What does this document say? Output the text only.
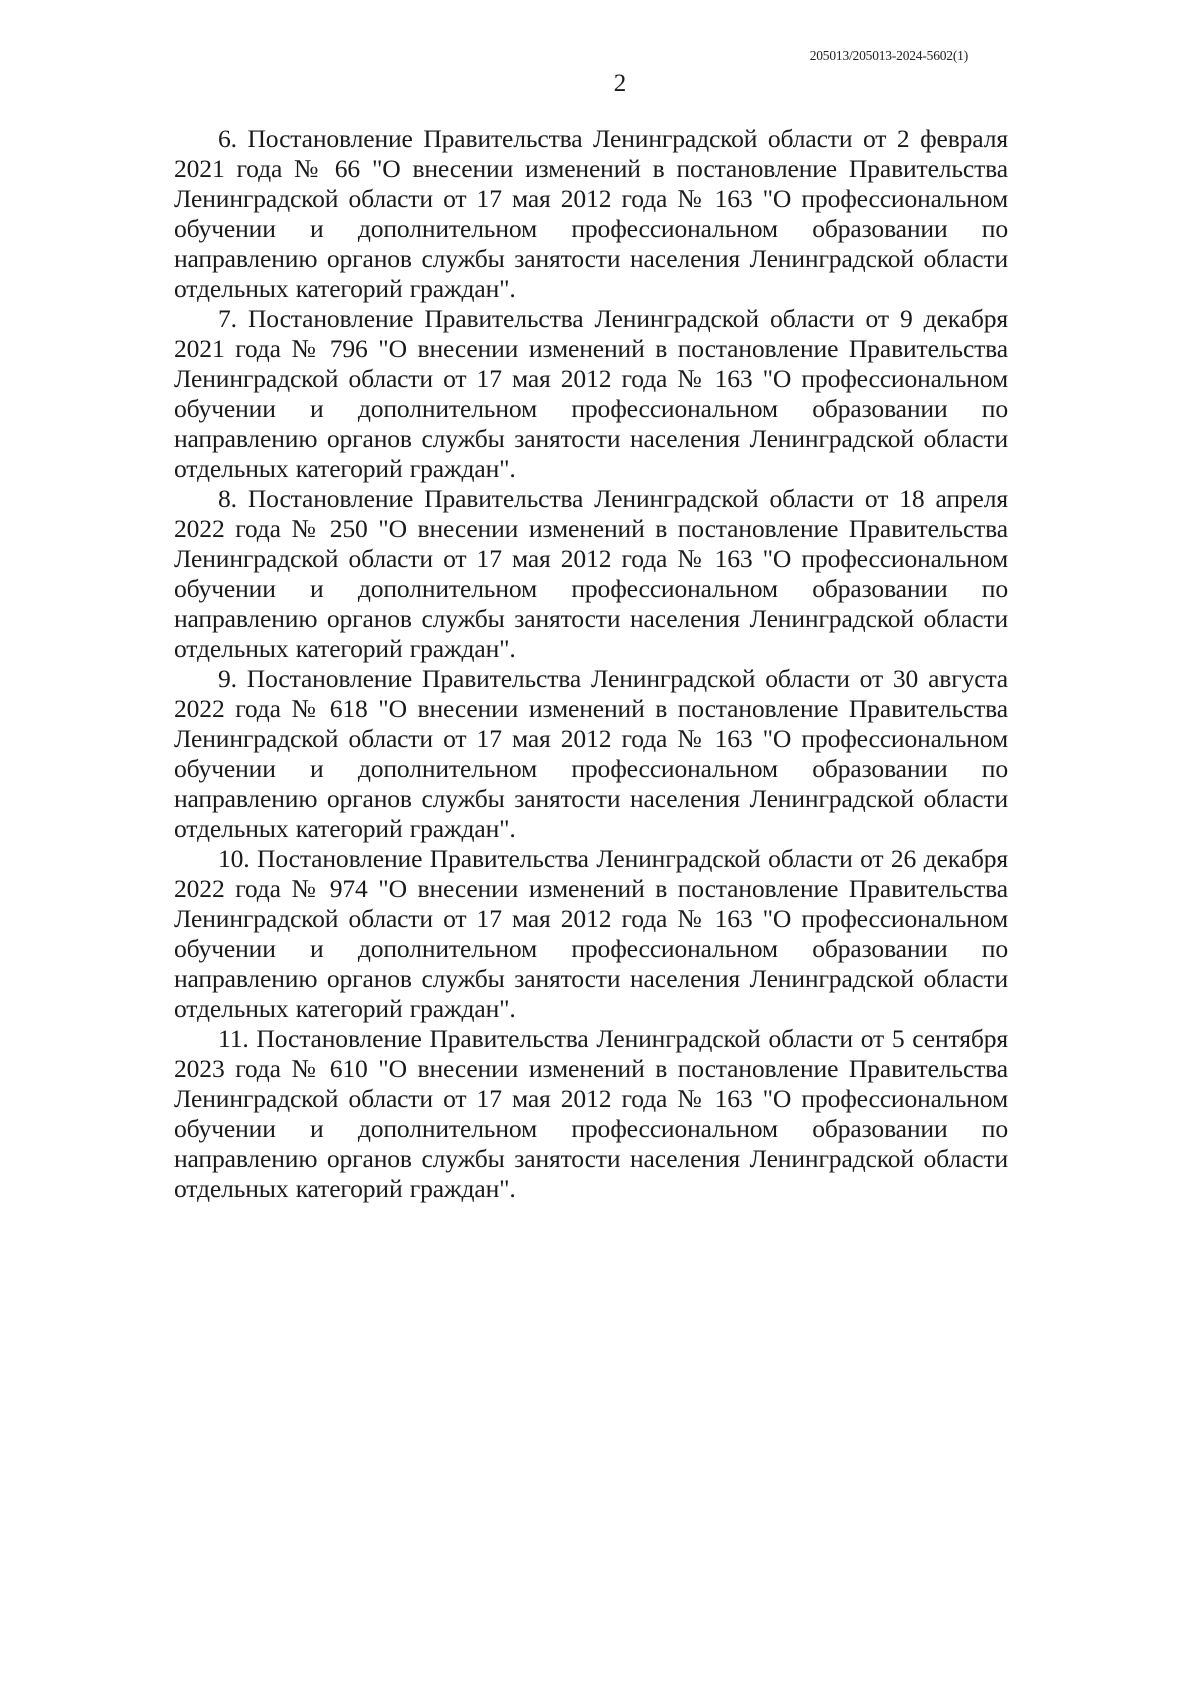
205013/205013-2024-5602(1)
2

6. Постановление Правительства Ленинградской области от 2 февраля 2021 года № 66 "О внесении изменений в постановление Правительства Ленинградской области от 17 мая 2012 года № 163 "О профессиональном обучении и дополнительном профессиональном образовании по направлению органов службы занятости населения Ленинградской области отдельных категорий граждан".

7. Постановление Правительства Ленинградской области от 9 декабря 2021 года № 796 "О внесении изменений в постановление Правительства Ленинградской области от 17 мая 2012 года № 163 "О профессиональном обучении и дополнительном профессиональном образовании по направлению органов службы занятости населения Ленинградской области отдельных категорий граждан".

8. Постановление Правительства Ленинградской области от 18 апреля 2022 года № 250 "О внесении изменений в постановление Правительства Ленинградской области от 17 мая 2012 года № 163 "О профессиональном обучении и дополнительном профессиональном образовании по направлению органов службы занятости населения Ленинградской области отдельных категорий граждан".

9. Постановление Правительства Ленинградской области от 30 августа 2022 года № 618 "О внесении изменений в постановление Правительства Ленинградской области от 17 мая 2012 года № 163 "О профессиональном обучении и дополнительном профессиональном образовании по направлению органов службы занятости населения Ленинградской области отдельных категорий граждан".

10. Постановление Правительства Ленинградской области от 26 декабря 2022 года № 974 "О внесении изменений в постановление Правительства Ленинградской области от 17 мая 2012 года № 163 "О профессиональном обучении и дополнительном профессиональном образовании по направлению органов службы занятости населения Ленинградской области отдельных категорий граждан".

11. Постановление Правительства Ленинградской области от 5 сентября 2023 года № 610 "О внесении изменений в постановление Правительства Ленинградской области от 17 мая 2012 года № 163 "О профессиональном обучении и дополнительном профессиональном образовании по направлению органов службы занятости населения Ленинградской области отдельных категорий граждан".
